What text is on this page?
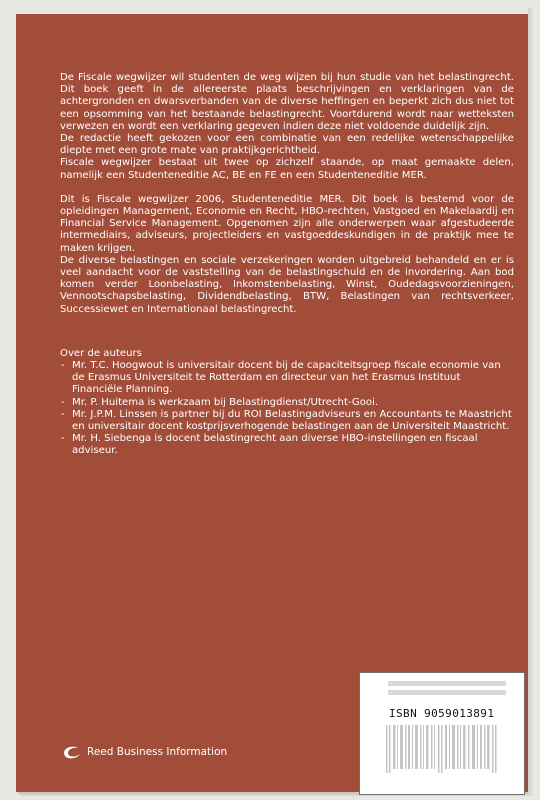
De Fiscale wegwijzer wil studenten de weg wijzen bij hun studie van het belastingrecht. Dit boek geeft in de allereerste plaats beschrijvingen en verklaringen van de achtergronden en dwarsverbanden van de diverse heffingen en beperkt zich dus niet tot een opsomming van het bestaande belastingrecht. Voortdurend wordt naar wetteksten verwezen en wordt een verklaring gegeven indien deze niet voldoende duidelijk zijn.

De redactie heeft gekozen voor een combinatie van een redelijke wetenschappelijke diepte met een grote mate van praktijkgerichtheid.

Fiscale wegwijzer bestaat uit twee op zichzelf staande, op maat gemaakte delen, namelijk een Studenteneditie AC, BE en FE en een Studenteneditie MER.

Dit is Fiscale wegwijzer 2006, Studenteneditie MER. Dit boek is bestemd voor de opleidingen Management, Economie en Recht, HBO-rechten, Vastgoed en Makelaardij en Financial Service Management. Opgenomen zijn alle onderwerpen waar afgestudeerde intermediairs, adviseurs, projectleiders en vastgoeddeskundigen in de praktijk mee te maken krijgen.

De diverse belastingen en sociale verzekeringen worden uitgebreid behandeld en er is veel aandacht voor de vaststelling van de belastingschuld en de invordering. Aan bod komen verder Loonbelasting, Inkomstenbelasting, Winst, Oudedagsvoorzieningen, Vennootschapsbelasting, Dividendbelasting, BTW, Belastingen van rechtsverkeer, Successiewet en Internationaal belastingrecht.

Over de auteurs

- Mr. T.C. Hoogwout is universitair docent bij de capaciteitsgroep fiscale economie van de Erasmus Universiteit te Rotterdam en directeur van het Erasmus Instituut Financiële Planning.
- Mr. P. Huitema is werkzaam bij Belastingdienst/Utrecht-Gooi.
- Mr. J.P.M. Linssen is partner bij du ROI Belastingadviseurs en Accountants te Maastricht en universitair docent kostprijsverhogende belastingen aan de Universiteit Maastricht.
- Mr. H. Siebenga is docent belastingrecht aan diverse HBO-instellingen en fiscaal adviseur.
Reed Business Information
ISBN 9059013891
